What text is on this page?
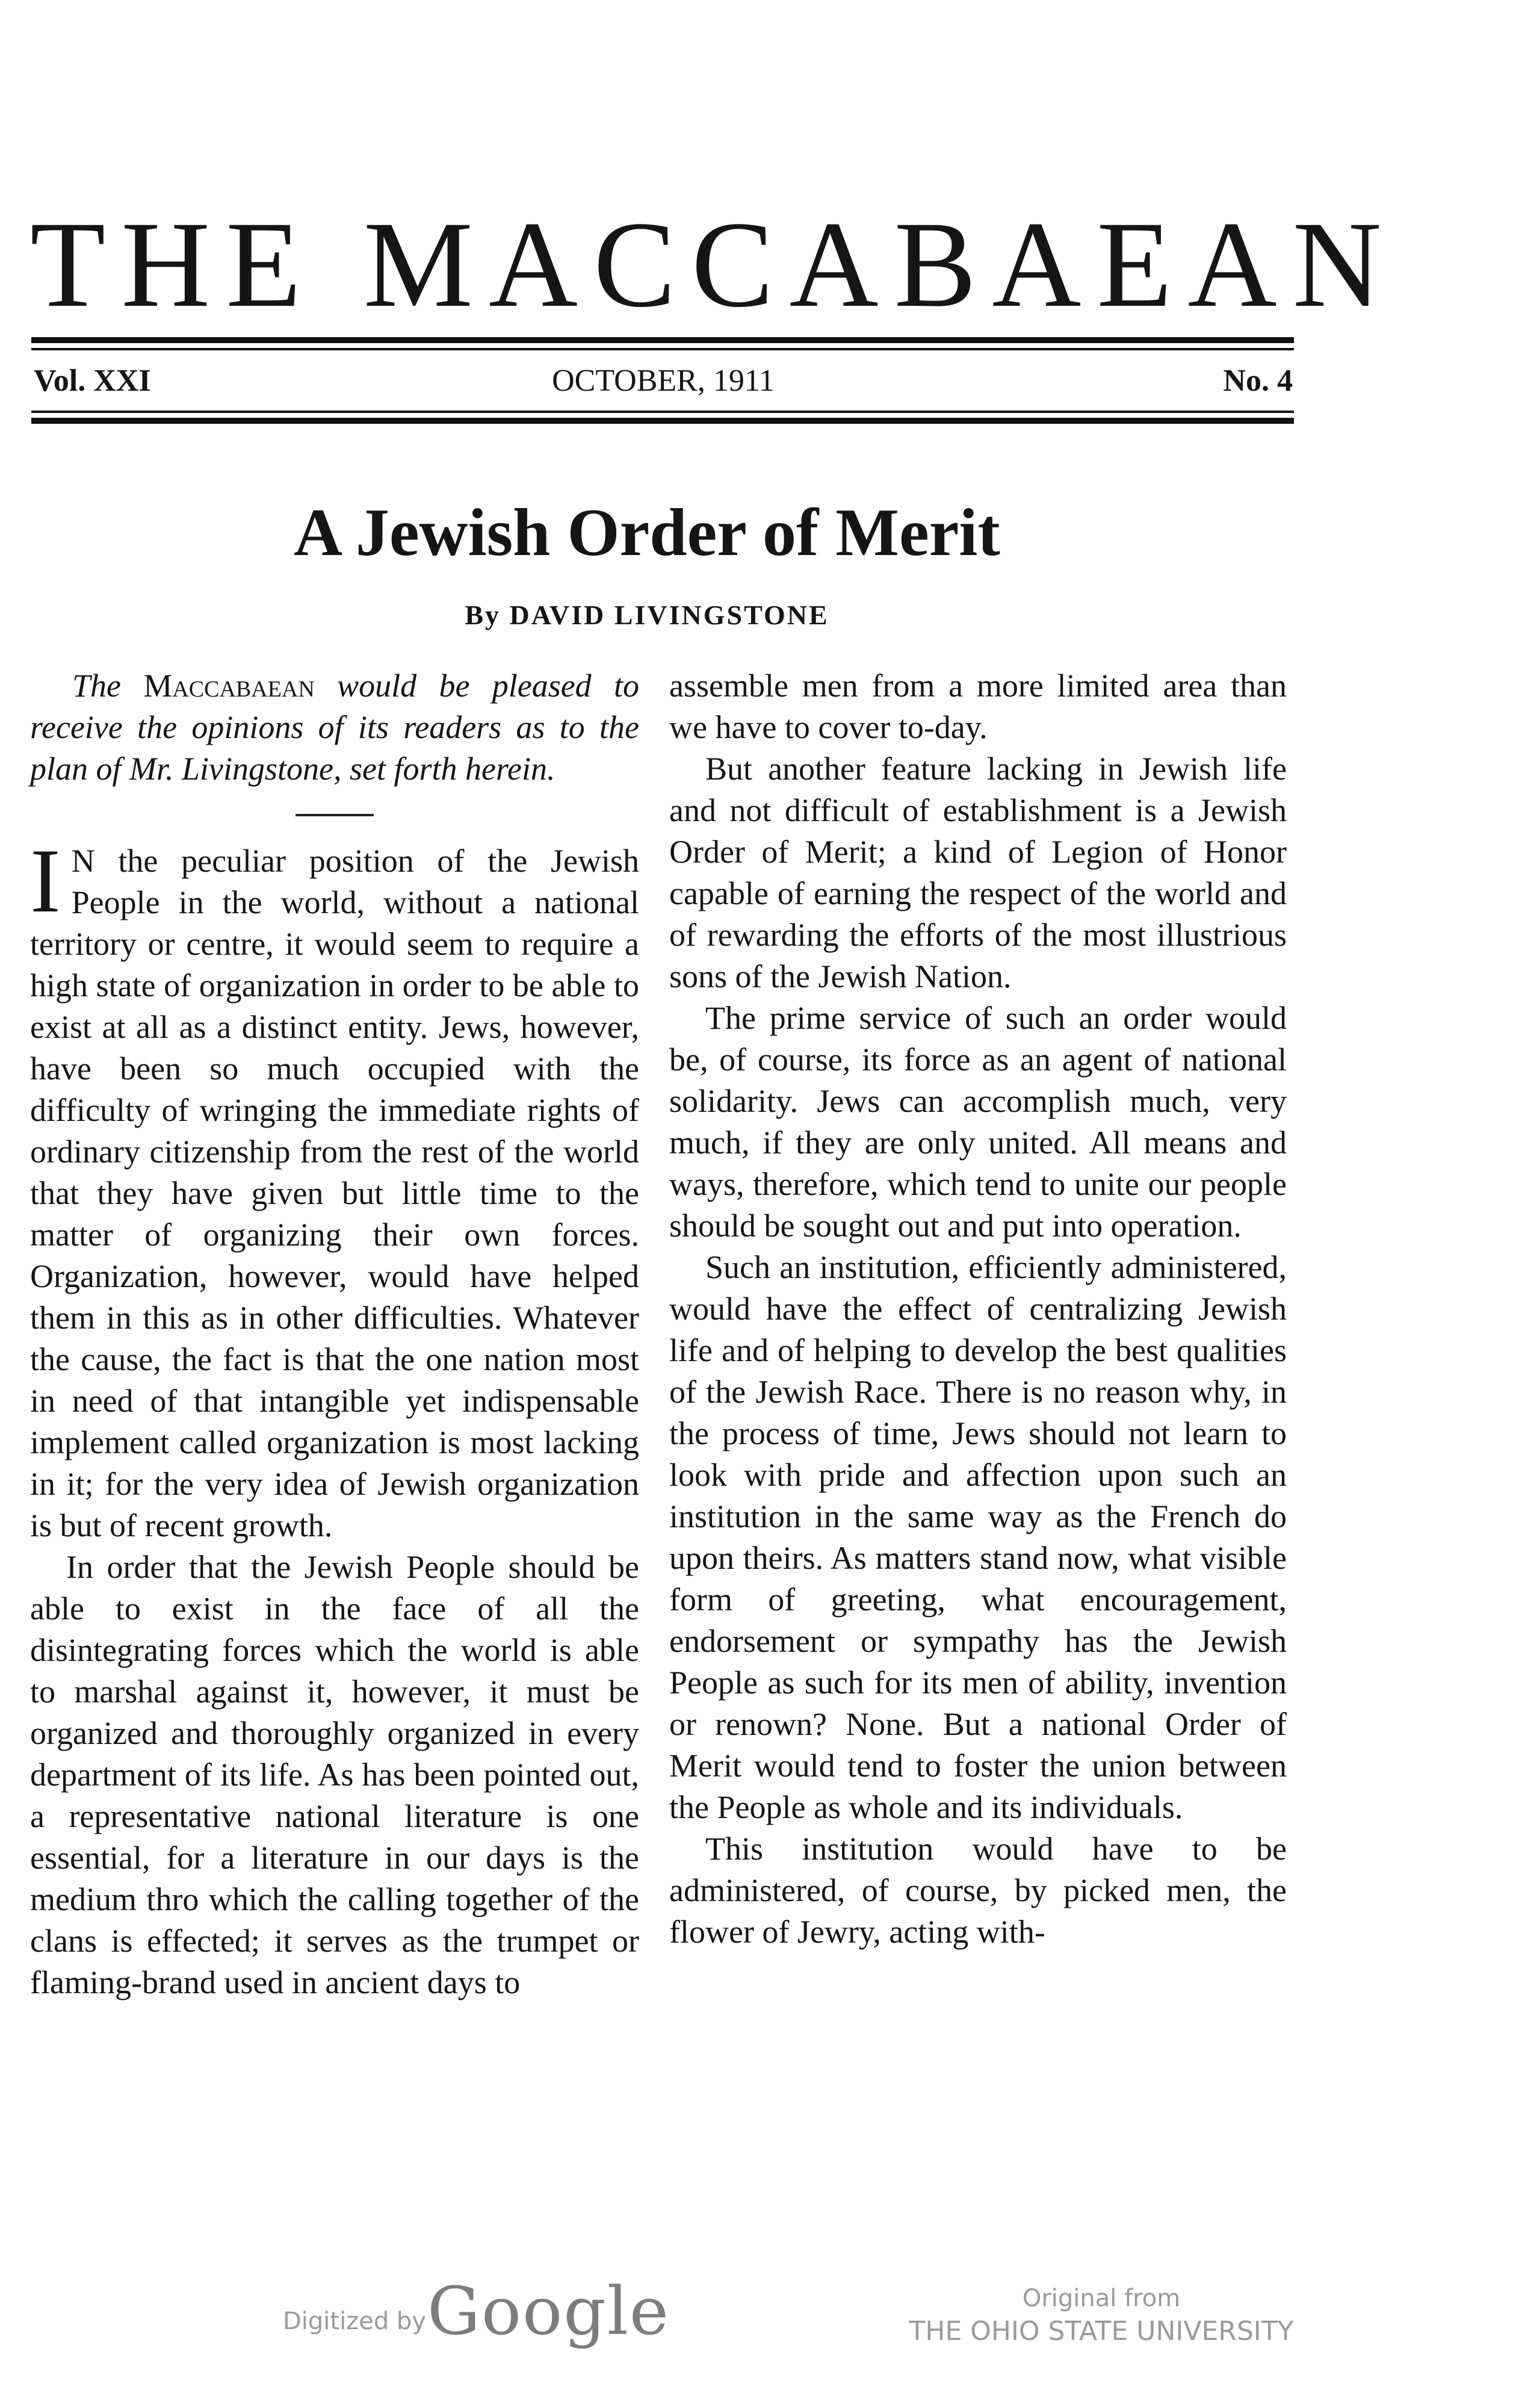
THE MACCABAEAN
Vol. XXI	OCTOBER, 1911	No. 4
A Jewish Order of Merit
By DAVID LIVINGSTONE

The Maccabaean would be pleased to receive the opinions of its readers as to the plan of Mr. Livingstone, set forth herein.

I N the peculiar position of the Jewish People in the world, without a national territory or centre, it would seem to require a high state of organization in order to be able to exist at all as a distinct entity. Jews, however, have been so much occupied with the difficulty of wringing the immediate rights of ordinary citizenship from the rest of the world that they have given but little time to the matter of organizing their own forces. Organization, however, would have helped them in this as in other difficulties. Whatever the cause, the fact is that the one nation most in need of that intangible yet indispensable implement called organization is most lacking in it; for the very idea of Jewish organization is but of recent growth.

In order that the Jewish People should be able to exist in the face of all the disintegrating forces which the world is able to marshal against it, however, it must be organized and thoroughly organized in every department of its life. As has been pointed out, a representative national literature is one essential, for a literature in our days is the medium thro which the calling together of the clans is effected; it serves as the trumpet or flaming-brand used in ancient days to

assemble men from a more limited area than we have to cover to-day.

But another feature lacking in Jewish life and not difficult of establishment is a Jewish Order of Merit; a kind of Legion of Honor capable of earning the respect of the world and of rewarding the efforts of the most illustrious sons of the Jewish Nation.

The prime service of such an order would be, of course, its force as an agent of national solidarity. Jews can accomplish much, very much, if they are only united. All means and ways, therefore, which tend to unite our people should be sought out and put into operation.

Such an institution, efficiently administered, would have the effect of centralizing Jewish life and of helping to develop the best qualities of the Jewish Race. There is no reason why, in the process of time, Jews should not learn to look with pride and affection upon such an institution in the same way as the French do upon theirs. As matters stand now, what visible form of greeting, what encouragement, endorsement or sympathy has the Jewish People as such for its men of ability, invention or renown? None. But a national Order of Merit would tend to foster the union between the People as whole and its individuals.

This institution would have to be administered, of course, by picked men, the flower of Jewry, acting with-

Digitized by Google	Original from
THE OHIO STATE UNIVERSITY
